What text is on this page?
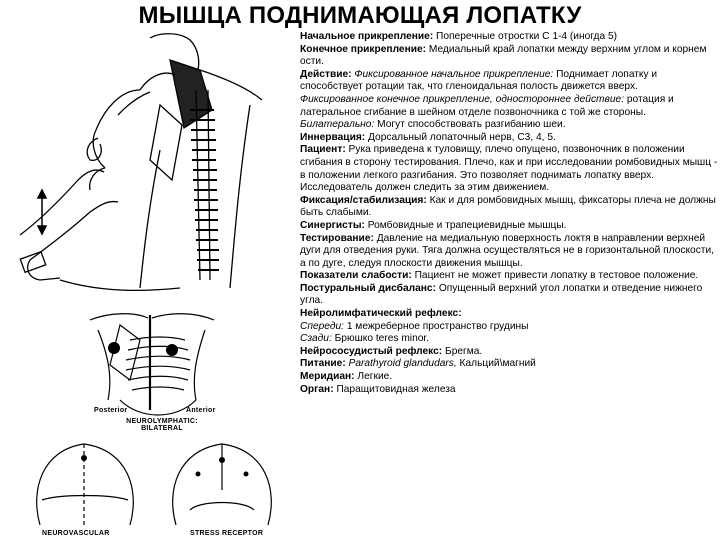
МЫШЦА ПОДНИМАЮЩАЯ ЛОПАТКУ
Posterior	Anterior
NEUROLYMPHATIC:
BILATERAL
NEUROVASCULAR	STRESS RECEPTOR

Начальное прикрепление: Поперечные отростки С 1-4 (иногда 5)

Конечное прикрепление: Медиальный край лопатки между верхним углом и корнем ости.

Действие: Фиксированное начальное прикрепление: Поднимает лопатку и способствует ротации так, что гленоидальная полость движется вверх.

Фиксированное конечное прикрепление, одностороннее действие: ротация и латеральное сгибание в шейном отделе позвоночника с той же стороны.

Билатерально: Могут способствовать разгибанию шеи.

Иннервация: Дорсальный лопаточный нерв, С3, 4, 5.

Пациент: Рука приведена к туловищу, плечо опущено, позвоночник в положении сгибания в сторону тестирования. Плечо, как и при исследовании ромбовидных мышц - в положении легкого разгибания. Это позволяет поднимать лопатку вверх. Исследователь должен следить за этим движением.

Фиксация/стабилизация: Как и для ромбовидных мышц, фиксаторы плеча не должны быть слабыми.

Синергисты: Ромбовидные и трапециевидные мышцы.

Тестирование: Давление на медиальную поверхность локтя в направлении верхней дуги для отведения руки. Тяга должна осуществляться не в горизонтальной плоскости, а по дуге, следуя плоскости движения мышцы.

Показатели слабости: Пациент не может привести лопатку в тестовое положение.

Постуральный дисбаланс: Опущенный верхний угол лопатки и отведение нижнего угла.

Нейролимфатический рефлекс:

Спереди: 1 межреберное пространство грудины

Сзади: Брюшко teres minor.

Нейрососудистый рефлекс: Брегма.

Питание: Parathyroid glandudars, Кальций\магний

Меридиан: Легкие.

Орган: Паращитовидная железа
